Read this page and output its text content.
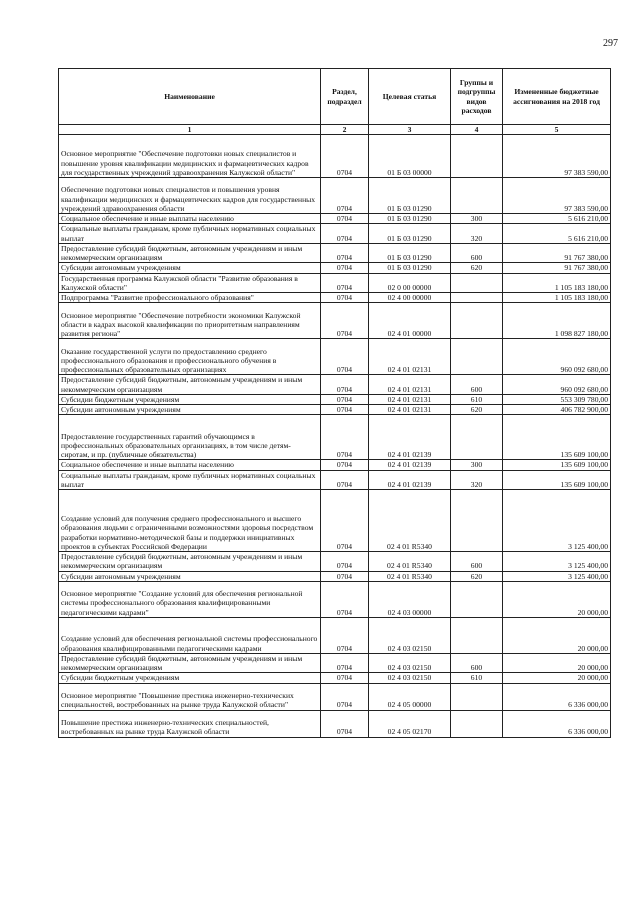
297
Наименование	Раздел, подраздел	Целевая статья	Группы и подгруппы видов расходов	Измененные бюджетные ассигнования на 2018 год
1	2	3	4	5
Основное мероприятие "Обеспечение подготовки новых специалистов и повышение уровня квалификации медицинских и фармацевтических кадров для государственных учреждений здравоохранения Калужской области"	0704	01 Б 03 00000		97 383 590,00
Обеспечение подготовки новых специалистов и повышения уровня квалификации медицинских и фармацевтических кадров для государственных учреждений здравоохранения области	0704	01 Б 03 01290		97 383 590,00
Социальное обеспечение и иные выплаты населению	0704	01 Б 03 01290	300	5 616 210,00
Социальные выплаты гражданам, кроме публичных нормативных социальных выплат	0704	01 Б 03 01290	320	5 616 210,00
Предоставление субсидий бюджетным, автономным учреждениям и иным некоммерческим организациям	0704	01 Б 03 01290	600	91 767 380,00
Субсидии автономным учреждениям	0704	01 Б 03 01290	620	91 767 380,00
Государственная программа Калужской области "Развитие образования в Калужской области"	0704	02 0 00 00000		1 105 183 180,00
Подпрограмма "Развитие профессионального образования"	0704	02 4 00 00000		1 105 183 180,00
Основное мероприятие "Обеспечение потребности экономики Калужской области в кадрах высокой квалификации по приоритетным направлениям развития региона"	0704	02 4 01 00000		1 098 827 180,00
Оказание государственной услуги по предоставлению среднего профессионального образования и профессионального обучения в профессиональных образовательных организациях	0704	02 4 01 02131		960 092 680,00
Предоставление субсидий бюджетным, автономным учреждениям и иным некоммерческим организациям	0704	02 4 01 02131	600	960 092 680,00
Субсидии бюджетным учреждениям	0704	02 4 01 02131	610	553 309 780,00
Субсидии автономным учреждениям	0704	02 4 01 02131	620	406 782 900,00
Предоставление государственных гарантий обучающимся в профессиональных образовательных организациях, в том числе детям-сиротам, и пр. (публичные обязательства)	0704	02 4 01 02139		135 609 100,00
Социальное обеспечение и иные выплаты населению	0704	02 4 01 02139	300	135 609 100,00
Социальные выплаты гражданам, кроме публичных нормативных социальных выплат	0704	02 4 01 02139	320	135 609 100,00
Создание условий для получения среднего профессионального и высшего образования людьми с ограниченными возможностями здоровья посредством разработки нормативно-методической базы и поддержки инициативных проектов в субъектах Российской Федерации	0704	02 4 01 R5340		3 125 400,00
Предоставление субсидий бюджетным, автономным учреждениям и иным некоммерческим организациям	0704	02 4 01 R5340	600	3 125 400,00
Субсидии автономным учреждениям	0704	02 4 01 R5340	620	3 125 400,00
Основное мероприятие "Создание условий для обеспечения региональной системы профессионального образования квалифицированными педагогическими кадрами"	0704	02 4 03 00000		20 000,00
Создание условий для обеспечения региональной системы профессионального образования квалифицированными педагогическими кадрами	0704	02 4 03 02150		20 000,00
Предоставление субсидий бюджетным, автономным учреждениям и иным некоммерческим организациям	0704	02 4 03 02150	600	20 000,00
Субсидии бюджетным учреждениям	0704	02 4 03 02150	610	20 000,00
Основное мероприятие "Повышение престижа инженерно-технических специальностей, востребованных на рынке труда Калужской области"	0704	02 4 05 00000		6 336 000,00
Повышение престижа инженерно-технических специальностей, востребованных на рынке труда Калужской области	0704	02 4 05 02170		6 336 000,00
